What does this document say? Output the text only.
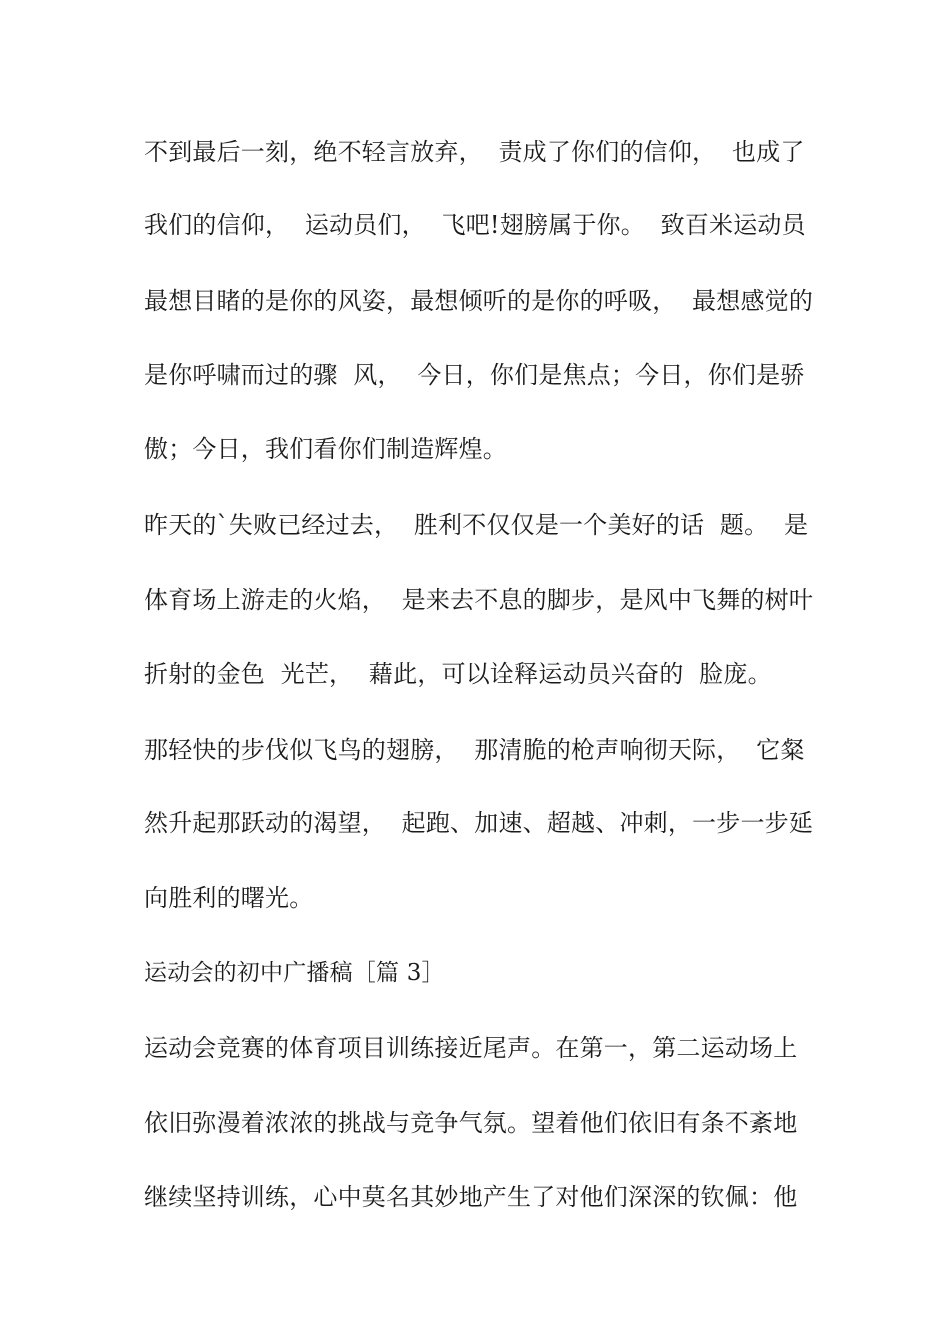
不到最后一刻，绝不轻言放弃，  责成了你们的信仰，  也成了
我们的信仰，  运动员们，  飞吧!翅膀属于你。  致百米运动员
最想目睹的是你的风姿，最想倾听的是你的呼吸，  最想感觉的
是你呼啸而过的骤  风，  今日，你们是焦点；今日，你们是骄
傲；今日，我们看你们制造辉煌。
昨天的`失败已经过去，  胜利不仅仅是一个美好的话  题。  是
体育场上游走的火焰，  是来去不息的脚步，是风中飞舞的树叶
折射的金色  光芒，  藉此，可以诠释运动员兴奋的  脸庞。
那轻快的步伐似飞鸟的翅膀，  那清脆的枪声响彻天际，  它粲
然升起那跃动的渴望，  起跑、加速、超越、冲刺，一步一步延
向胜利的曙光。
运动会的初中广播稿［篇 3］
运动会竞赛的体育项目训练接近尾声。在第一，第二运动场上
依旧弥漫着浓浓的挑战与竞争气氛。望着他们依旧有条不紊地
继续坚持训练，心中莫名其妙地产生了对他们深深的钦佩：他
